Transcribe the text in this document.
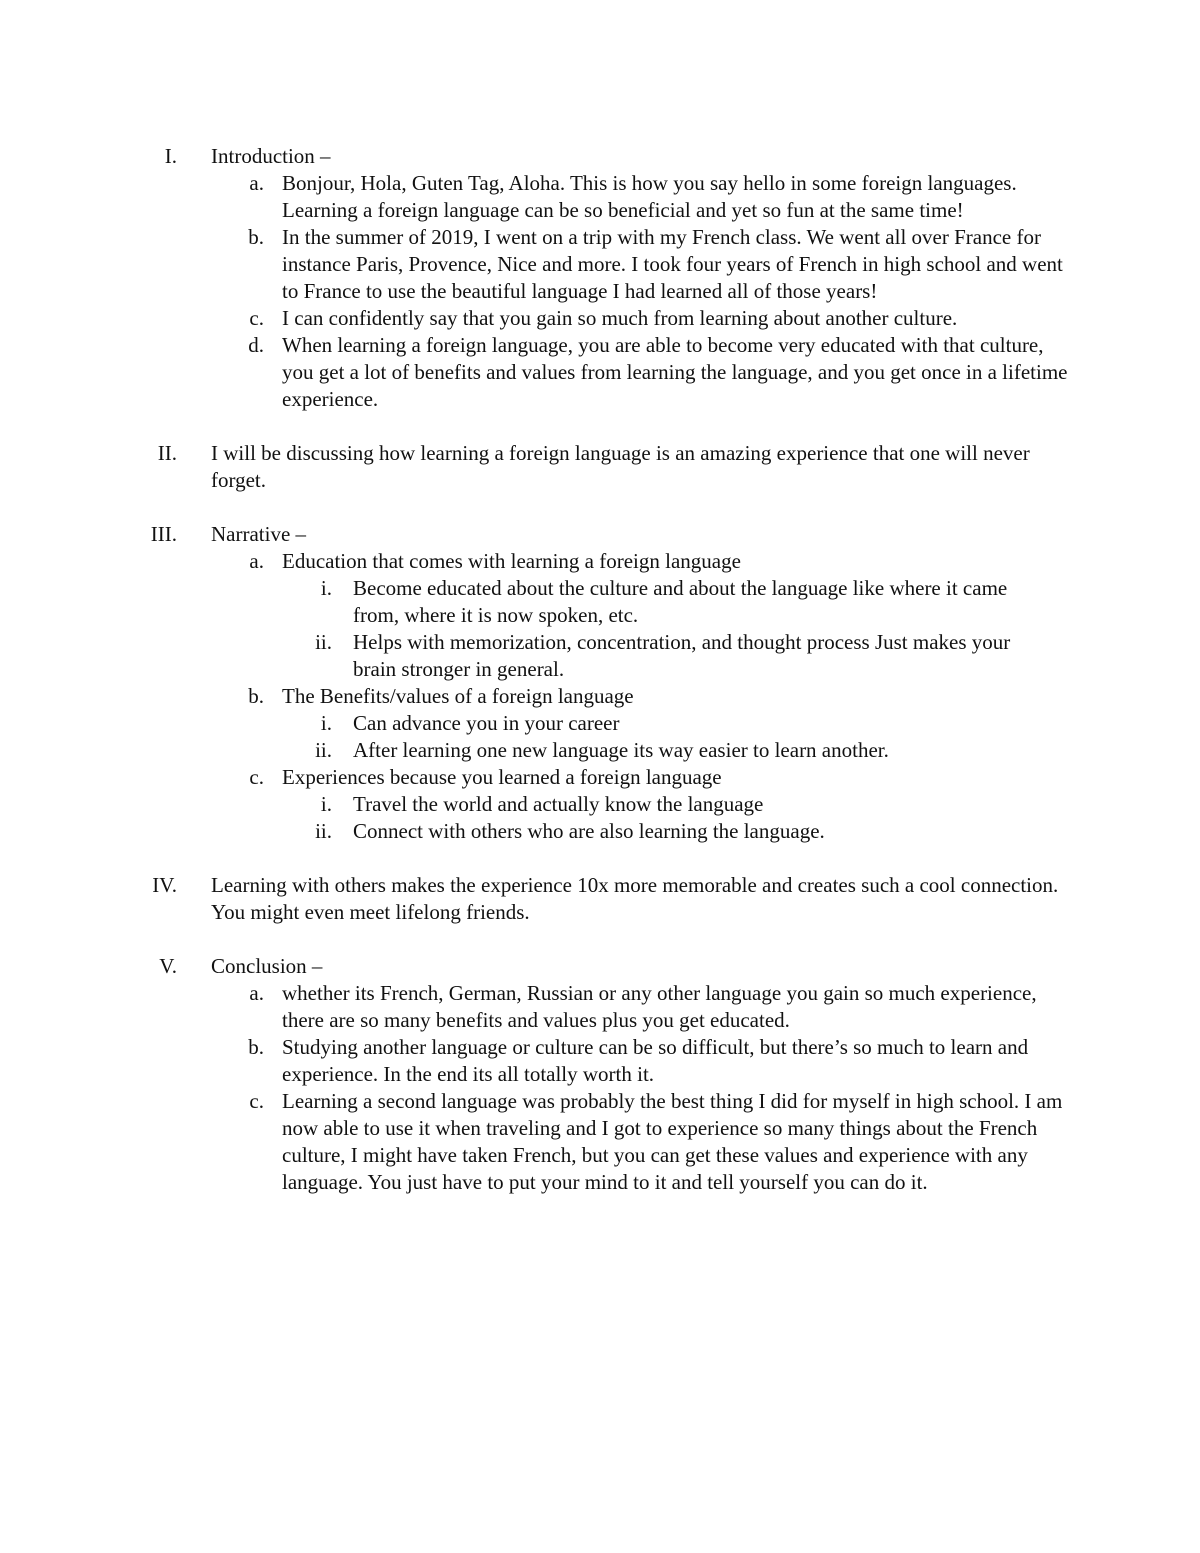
I. Introduction –
a. Bonjour, Hola, Guten Tag, Aloha. This is how you say hello in some foreign languages. Learning a foreign language can be so beneficial and yet so fun at the same time!
b. In the summer of 2019, I went on a trip with my French class. We went all over France for instance Paris, Provence, Nice and more. I took four years of French in high school and went to France to use the beautiful language I had learned all of those years!
c. I can confidently say that you gain so much from learning about another culture.
d. When learning a foreign language, you are able to become very educated with that culture, you get a lot of benefits and values from learning the language, and you get once in a lifetime experience.
II. I will be discussing how learning a foreign language is an amazing experience that one will never forget.
III. Narrative –
a. Education that comes with learning a foreign language
i. Become educated about the culture and about the language like where it came from, where it is now spoken, etc.
ii. Helps with memorization, concentration, and thought process Just makes your brain stronger in general.
b. The Benefits/values of a foreign language
i. Can advance you in your career
ii. After learning one new language its way easier to learn another.
c. Experiences because you learned a foreign language
i. Travel the world and actually know the language
ii. Connect with others who are also learning the language.
IV. Learning with others makes the experience 10x more memorable and creates such a cool connection. You might even meet lifelong friends.
V. Conclusion –
a. whether its French, German, Russian or any other language you gain so much experience, there are so many benefits and values plus you get educated.
b. Studying another language or culture can be so difficult, but there’s so much to learn and experience. In the end its all totally worth it.
c. Learning a second language was probably the best thing I did for myself in high school. I am now able to use it when traveling and I got to experience so many things about the French culture, I might have taken French, but you can get these values and experience with any language. You just have to put your mind to it and tell yourself you can do it.
